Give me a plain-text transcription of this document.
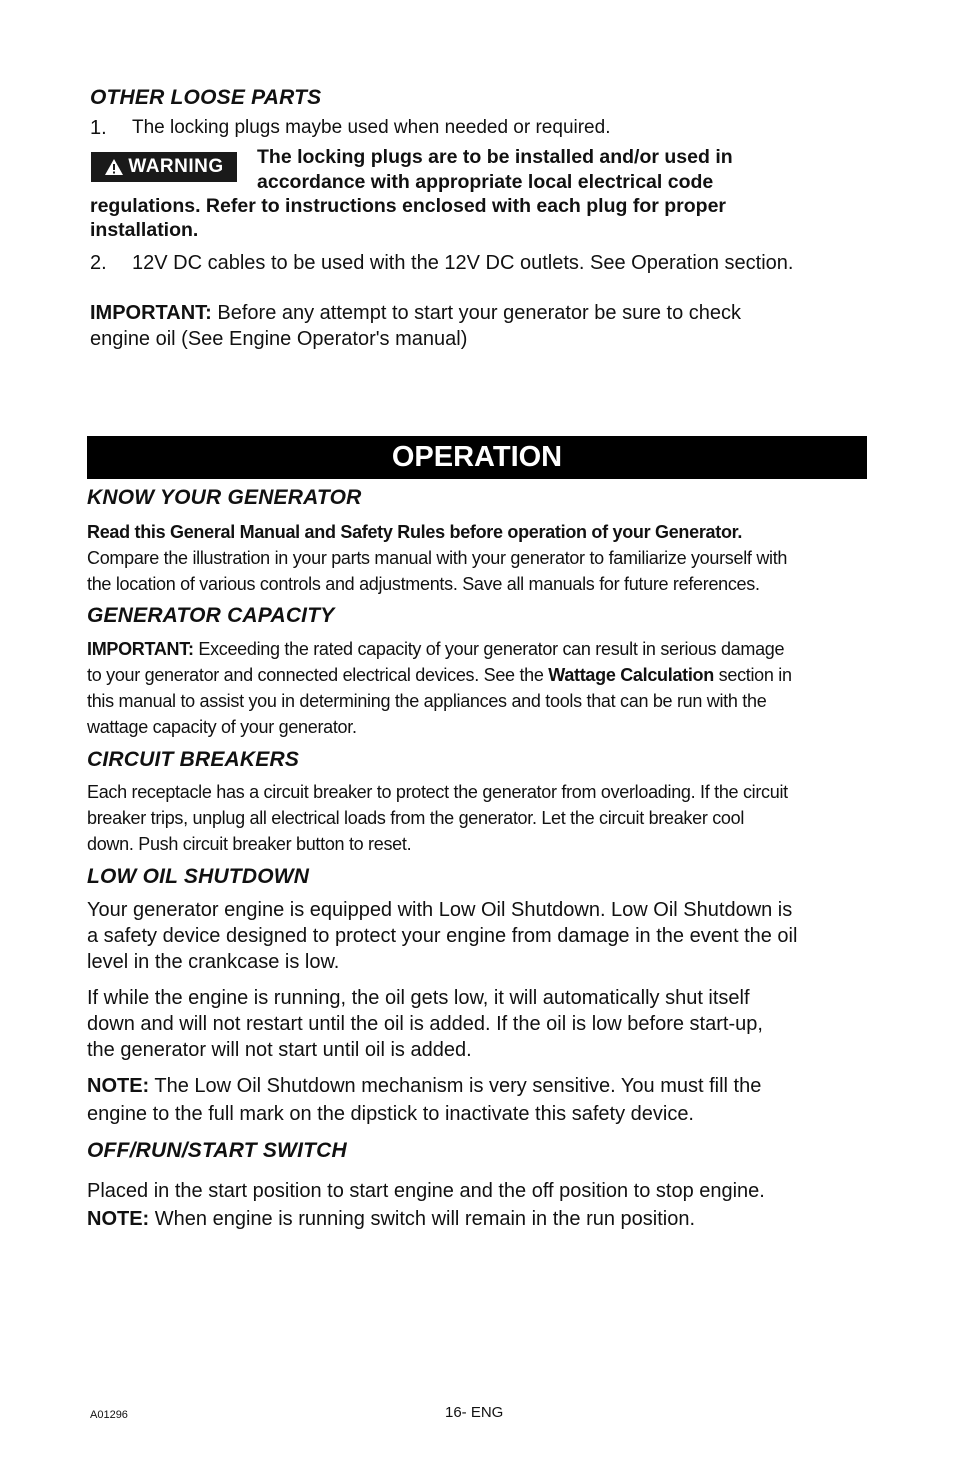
OTHER LOOSE PARTS
1. The locking plugs maybe used when needed or required.
WARNING The locking plugs are to be installed and/or used in
accordance with appropriate local electrical code
regulations. Refer to instructions enclosed with each plug for proper
installation.
2. 12V DC cables to be used with the 12V DC outlets. See Operation section.
IMPORTANT: Before any attempt to start your generator be sure to check
engine oil (See Engine Operator's manual)
OPERATION
KNOW YOUR GENERATOR
Read this General Manual and Safety Rules before operation of your Generator.
Compare the illustration in your parts manual with your generator to familiarize yourself with
the location of various controls and adjustments. Save all manuals for future references.
GENERATOR CAPACITY
IMPORTANT: Exceeding the rated capacity of your generator can result in serious damage
to your generator and connected electrical devices. See the Wattage Calculation section in
this manual to assist you in determining the appliances and tools that can be run with the
wattage capacity of your generator.
CIRCUIT BREAKERS
Each receptacle has a circuit breaker to protect the generator from overloading. If the circuit
breaker trips, unplug all electrical loads from the generator. Let the circuit breaker cool
down. Push circuit breaker button to reset.
LOW OIL SHUTDOWN
Your generator engine is equipped with Low Oil Shutdown. Low Oil Shutdown is
a safety device designed to protect your engine from damage in the event the oil
level in the crankcase is low.
If while the engine is running, the oil gets low, it will automatically shut itself
down and will not restart until the oil is added. If the oil is low before start-up,
the generator will not start until oil is added.
NOTE: The Low Oil Shutdown mechanism is very sensitive. You must fill the
engine to the full mark on the dipstick to inactivate this safety device.
OFF/RUN/START SWITCH
Placed in the start position to start engine and the off position to stop engine.
NOTE: When engine is running switch will remain in the run position.
A01296	16- ENG
